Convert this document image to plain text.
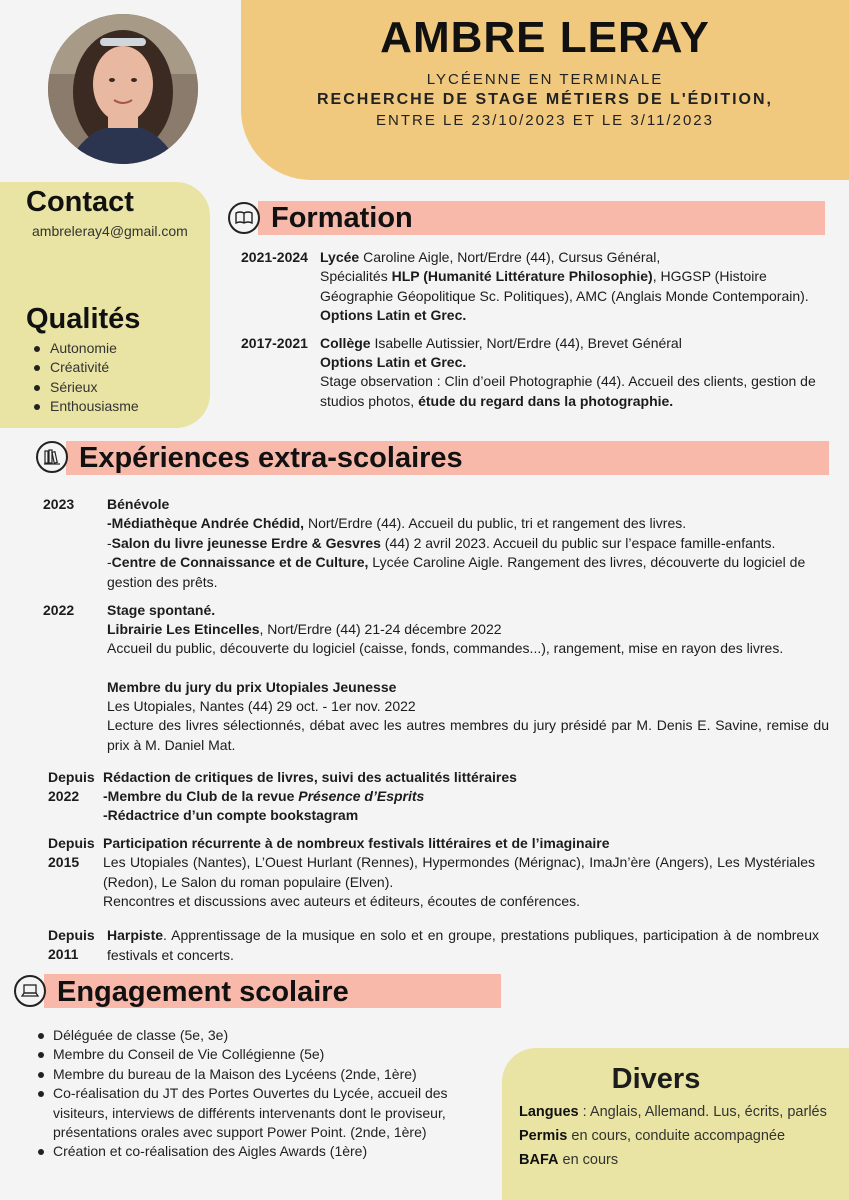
AMBRE LERAY
LYCÉENNE EN TERMINALE
RECHERCHE DE STAGE MÉTIERS DE L'ÉDITION,
ENTRE LE 23/10/2023 ET LE 3/11/2023
Contact
ambreleray4@gmail.com
Qualités
Autonomie
Créativité
Sérieux
Enthousiasme
Formation
2021-2024 Lycée Caroline Aigle, Nort/Erdre (44), Cursus Général,
Spécialités HLP (Humanité Littérature Philosophie), HGGSP (Histoire Géographie Géopolitique Sc. Politiques), AMC (Anglais Monde Contemporain). Options Latin et Grec.
2017-2021 Collège Isabelle Autissier, Nort/Erdre (44), Brevet Général
Options Latin et Grec.
Stage observation : Clin d’oeil Photographie (44). Accueil des clients, gestion de studios photos, étude du regard dans la photographie.
Expériences extra-scolaires
2023 Bénévole
-Médiathèque Andrée Chédid, Nort/Erdre (44). Accueil du public, tri et rangement des livres.
-Salon du livre jeunesse Erdre & Gesvres (44) 2 avril 2023. Accueil du public sur l’espace famille-enfants.
-Centre de Connaissance et de Culture, Lycée Caroline Aigle. Rangement des livres, découverte du logiciel de gestion des prêts.
2022 Stage spontané.
Librairie Les Etincelles, Nort/Erdre (44) 21-24 décembre 2022
Accueil du public, découverte du logiciel (caisse, fonds, commandes...), rangement, mise en rayon des livres.
Membre du jury du prix Utopiales Jeunesse
Les Utopiales, Nantes (44) 29 oct. - 1er nov. 2022
Lecture des livres sélectionnés, débat avec les autres membres du jury présidé par M. Denis E. Savine, remise du prix à M. Daniel Mat.
Depuis
2022
Rédaction de critiques de livres, suivi des actualités littéraires
-Membre du Club de la revue Présence d’Esprits
-Rédactrice d’un compte bookstagram
Depuis
2015
Participation récurrente à de nombreux festivals littéraires et de l’imaginaire
Les Utopiales (Nantes), L’Ouest Hurlant (Rennes), Hypermondes (Mérignac), ImaJn’ère (Angers), Les Mystériales (Redon), Le Salon du roman populaire (Elven).
Rencontres et discussions avec auteurs et éditeurs, écoutes de conférences.
Depuis
2011
Harpiste. Apprentissage de la musique en solo et en groupe, prestations publiques, participation à de nombreux festivals et concerts.
Engagement scolaire
Déléguée de classe (5e, 3e)
Membre du Conseil de Vie Collégienne (5e)
Membre du bureau de la Maison des Lycéens (2nde, 1ère)
Co-réalisation du JT des Portes Ouvertes du Lycée, accueil des visiteurs, interviews de différents intervenants dont le proviseur, présentations orales avec support Power Point. (2nde, 1ère)
Création et co-réalisation des Aigles Awards (1ère)
Divers
Langues : Anglais, Allemand. Lus, écrits, parlés
Permis en cours, conduite accompagnée
BAFA en cours
